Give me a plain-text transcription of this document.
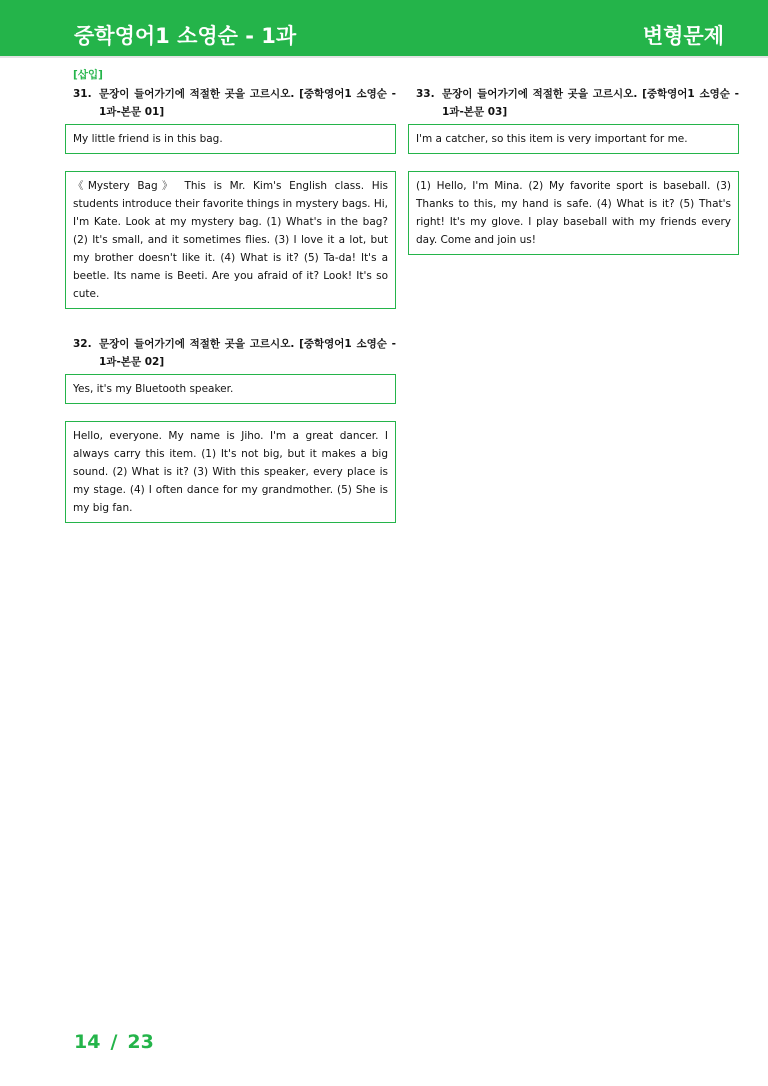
중학영어1 소영순 - 1과	변형문제
[삽입]
31. 문장이 들어가기에 적절한 곳을 고르시오. [중학영어1 소영순 - 1과-본문 01]
My little friend is in this bag.
《Mystery Bag》 This is Mr. Kim's English class. His students introduce their favorite things in mystery bags. Hi, I'm Kate. Look at my mystery bag. (1) What's in the bag? (2) It's small, and it sometimes flies. (3) I love it a lot, but my brother doesn't like it. (4) What is it? (5) Ta-da! It's a beetle. Its name is Beeti. Are you afraid of it? Look! It's so cute.
32. 문장이 들어가기에 적절한 곳을 고르시오. [중학영어1 소영순 - 1과-본문 02]
Yes, it's my Bluetooth speaker.
Hello, everyone. My name is Jiho. I'm a great dancer. I always carry this item. (1) It's not big, but it makes a big sound. (2) What is it? (3) With this speaker, every place is my stage. (4) I often dance for my grandmother. (5) She is my big fan.
33. 문장이 들어가기에 적절한 곳을 고르시오. [중학영어1 소영순 - 1과-본문 03]
I'm a catcher, so this item is very important for me.
(1) Hello, I'm Mina. (2) My favorite sport is baseball. (3) Thanks to this, my hand is safe. (4) What is it? (5) That's right! It's my glove. I play baseball with my friends every day. Come and join us!
14 / 23
